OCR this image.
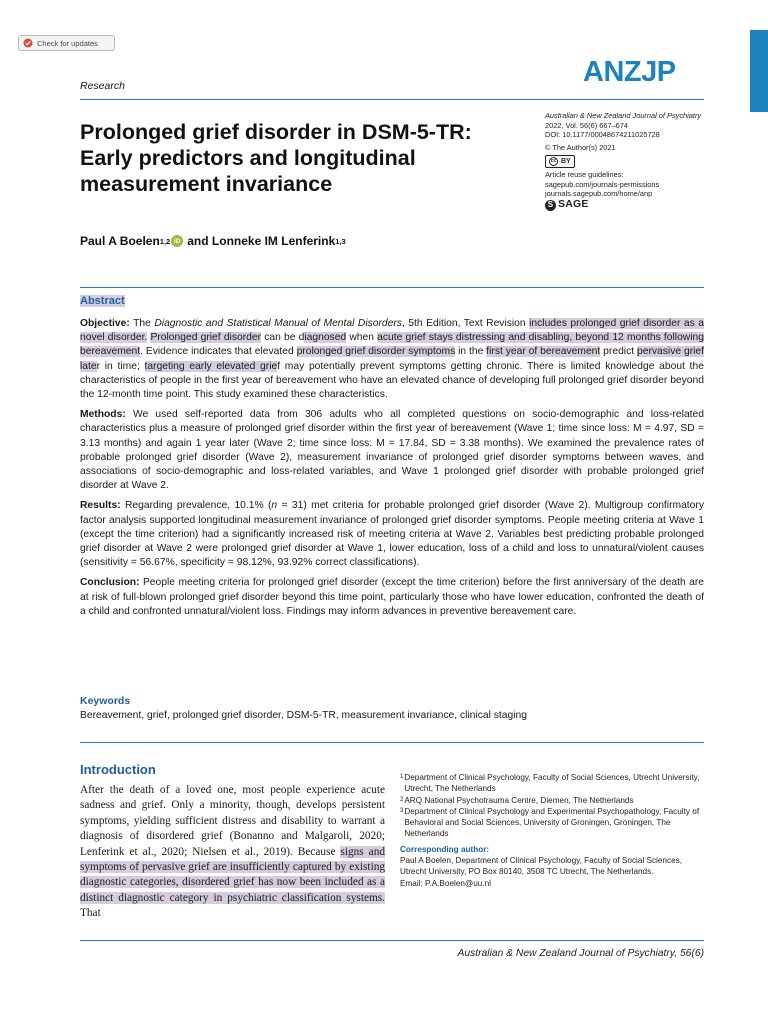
Check for updates
Research	ANZJP
Australian & New Zealand Journal of Psychiatry
2022, Vol. 56(6) 667–674
DOI: 10.1177/00048674211025728
© The Author(s) 2021
cc BY
Article reuse guidelines:
sagepub.com/journals-permissions
journals.sagepub.com/home/anp
S SAGE
Prolonged grief disorder in DSM-5-TR: Early predictors and longitudinal measurement invariance
Paul A Boelen 1,2 iD and Lonneke IM Lenferink 1,3
Abstract

Objective: The Diagnostic and Statistical Manual of Mental Disorders, 5th Edition, Text Revision includes prolonged grief disorder as a novel disorder. Prolonged grief disorder can be diagnosed when acute grief stays distressing and disabling, beyond 12 months following bereavement. Evidence indicates that elevated prolonged grief disorder symptoms in the first year of bereavement predict pervasive grief later in time; targeting early elevated grief may potentially prevent symptoms getting chronic. There is limited knowledge about the characteristics of people in the first year of bereavement who have an elevated chance of developing full prolonged grief disorder beyond the 12-month time point. This study examined these characteristics.

Methods: We used self-reported data from 306 adults who all completed questions on socio-demographic and loss-related characteristics plus a measure of prolonged grief disorder within the first year of bereavement (Wave 1; time since loss: M = 4.97, SD = 3.13 months) and again 1 year later (Wave 2; time since loss: M = 17.84, SD = 3.38 months). We examined the prevalence rates of probable prolonged grief disorder (Wave 2), measurement invariance of prolonged grief disorder symptoms between waves, and associations of socio-demographic and loss-related variables, and Wave 1 prolonged grief disorder with probable prolonged grief disorder at Wave 2.

Results: Regarding prevalence, 10.1% (n = 31) met criteria for probable prolonged grief disorder (Wave 2). Multigroup confirmatory factor analysis supported longitudinal measurement invariance of prolonged grief disorder symptoms. People meeting criteria at Wave 1 (except the time criterion) had a significantly increased risk of meeting criteria at Wave 2. Variables best predicting probable prolonged grief disorder at Wave 2 were prolonged grief disorder at Wave 1, lower education, loss of a child and loss to unnatural/violent causes (sensitivity = 56.67%, specificity = 98.12%, 93.92% correct classifications).

Conclusion: People meeting criteria for prolonged grief disorder (except the time criterion) before the first anniversary of the death are at risk of full-blown prolonged grief disorder beyond this time point, particularly those who have lower education, confronted the death of a child and confronted unnatural/violent loss. Findings may inform advances in preventive bereavement care.

Keywords
Bereavement, grief, prolonged grief disorder, DSM-5-TR, measurement invariance, clinical staging
Introduction
After the death of a loved one, most people experience acute sadness and grief. Only a minority, though, develops persistent symptoms, yielding sufficient distress and disability to warrant a diagnosis of disordered grief (Bonanno and Malgaroli, 2020; Lenferink et al., 2020; Nielsen et al., 2019). Because signs and symptoms of pervasive grief are insufficiently captured by existing diagnostic categories, disordered grief has now been included as a distinct diagnostic category in psychiatric classification systems. That
1 Department of Clinical Psychology, Faculty of Social Sciences, Utrecht University, Utrecht, The Netherlands
2 ARQ National Psychotrauma Centre, Diemen, The Netherlands
3 Department of Clinical Psychology and Experimental Psychopathology, Faculty of Behavioral and Social Sciences, University of Groningen, Groningen, The Netherlands
Corresponding author:
Paul A Boelen, Department of Clinical Psychology, Faculty of Social Sciences, Utrecht University, PO Box 80140, 3508 TC Utrecht, The Netherlands.
Email: P.A.Boelen@uu.nl
Australian & New Zealand Journal of Psychiatry, 56(6)
